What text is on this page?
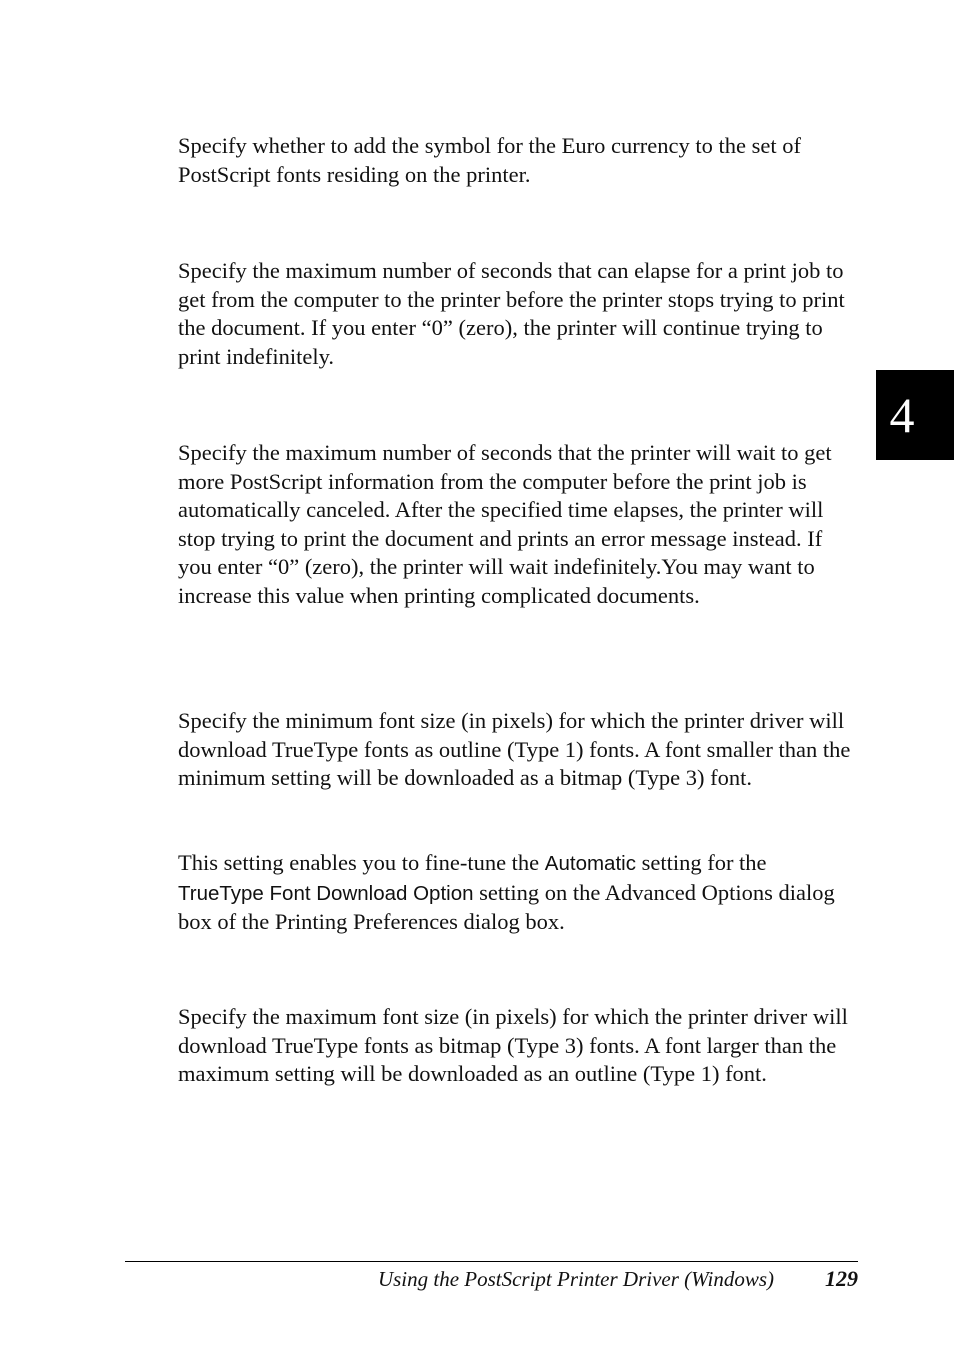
Specify whether to add the symbol for the Euro currency to the set of PostScript fonts residing on the printer.

Specify the maximum number of seconds that can elapse for a print job to get from the computer to the printer before the printer stops trying to print the document. If you enter “0” (zero), the printer will continue trying to print indefinitely.

4

Specify the maximum number of seconds that the printer will wait to get more PostScript information from the computer before the print job is automatically canceled. After the specified time elapses, the printer will stop trying to print the document and prints an error message instead. If you enter “0” (zero), the printer will wait indefinitely.You may want to increase this value when printing complicated documents.

Specify the minimum font size (in pixels) for which the printer driver will download TrueType fonts as outline (Type 1) fonts. A font smaller than the minimum setting will be downloaded as a bitmap (Type 3) font.

This setting enables you to fine-tune the Automatic setting for the TrueType Font Download Option setting on the Advanced Options dialog box of the Printing Preferences dialog box.

Specify the maximum font size (in pixels) for which the printer driver will download TrueType fonts as bitmap (Type 3) fonts. A font larger than the maximum setting will be downloaded as an outline (Type 1) font.

Using the PostScript Printer Driver (Windows) 129
